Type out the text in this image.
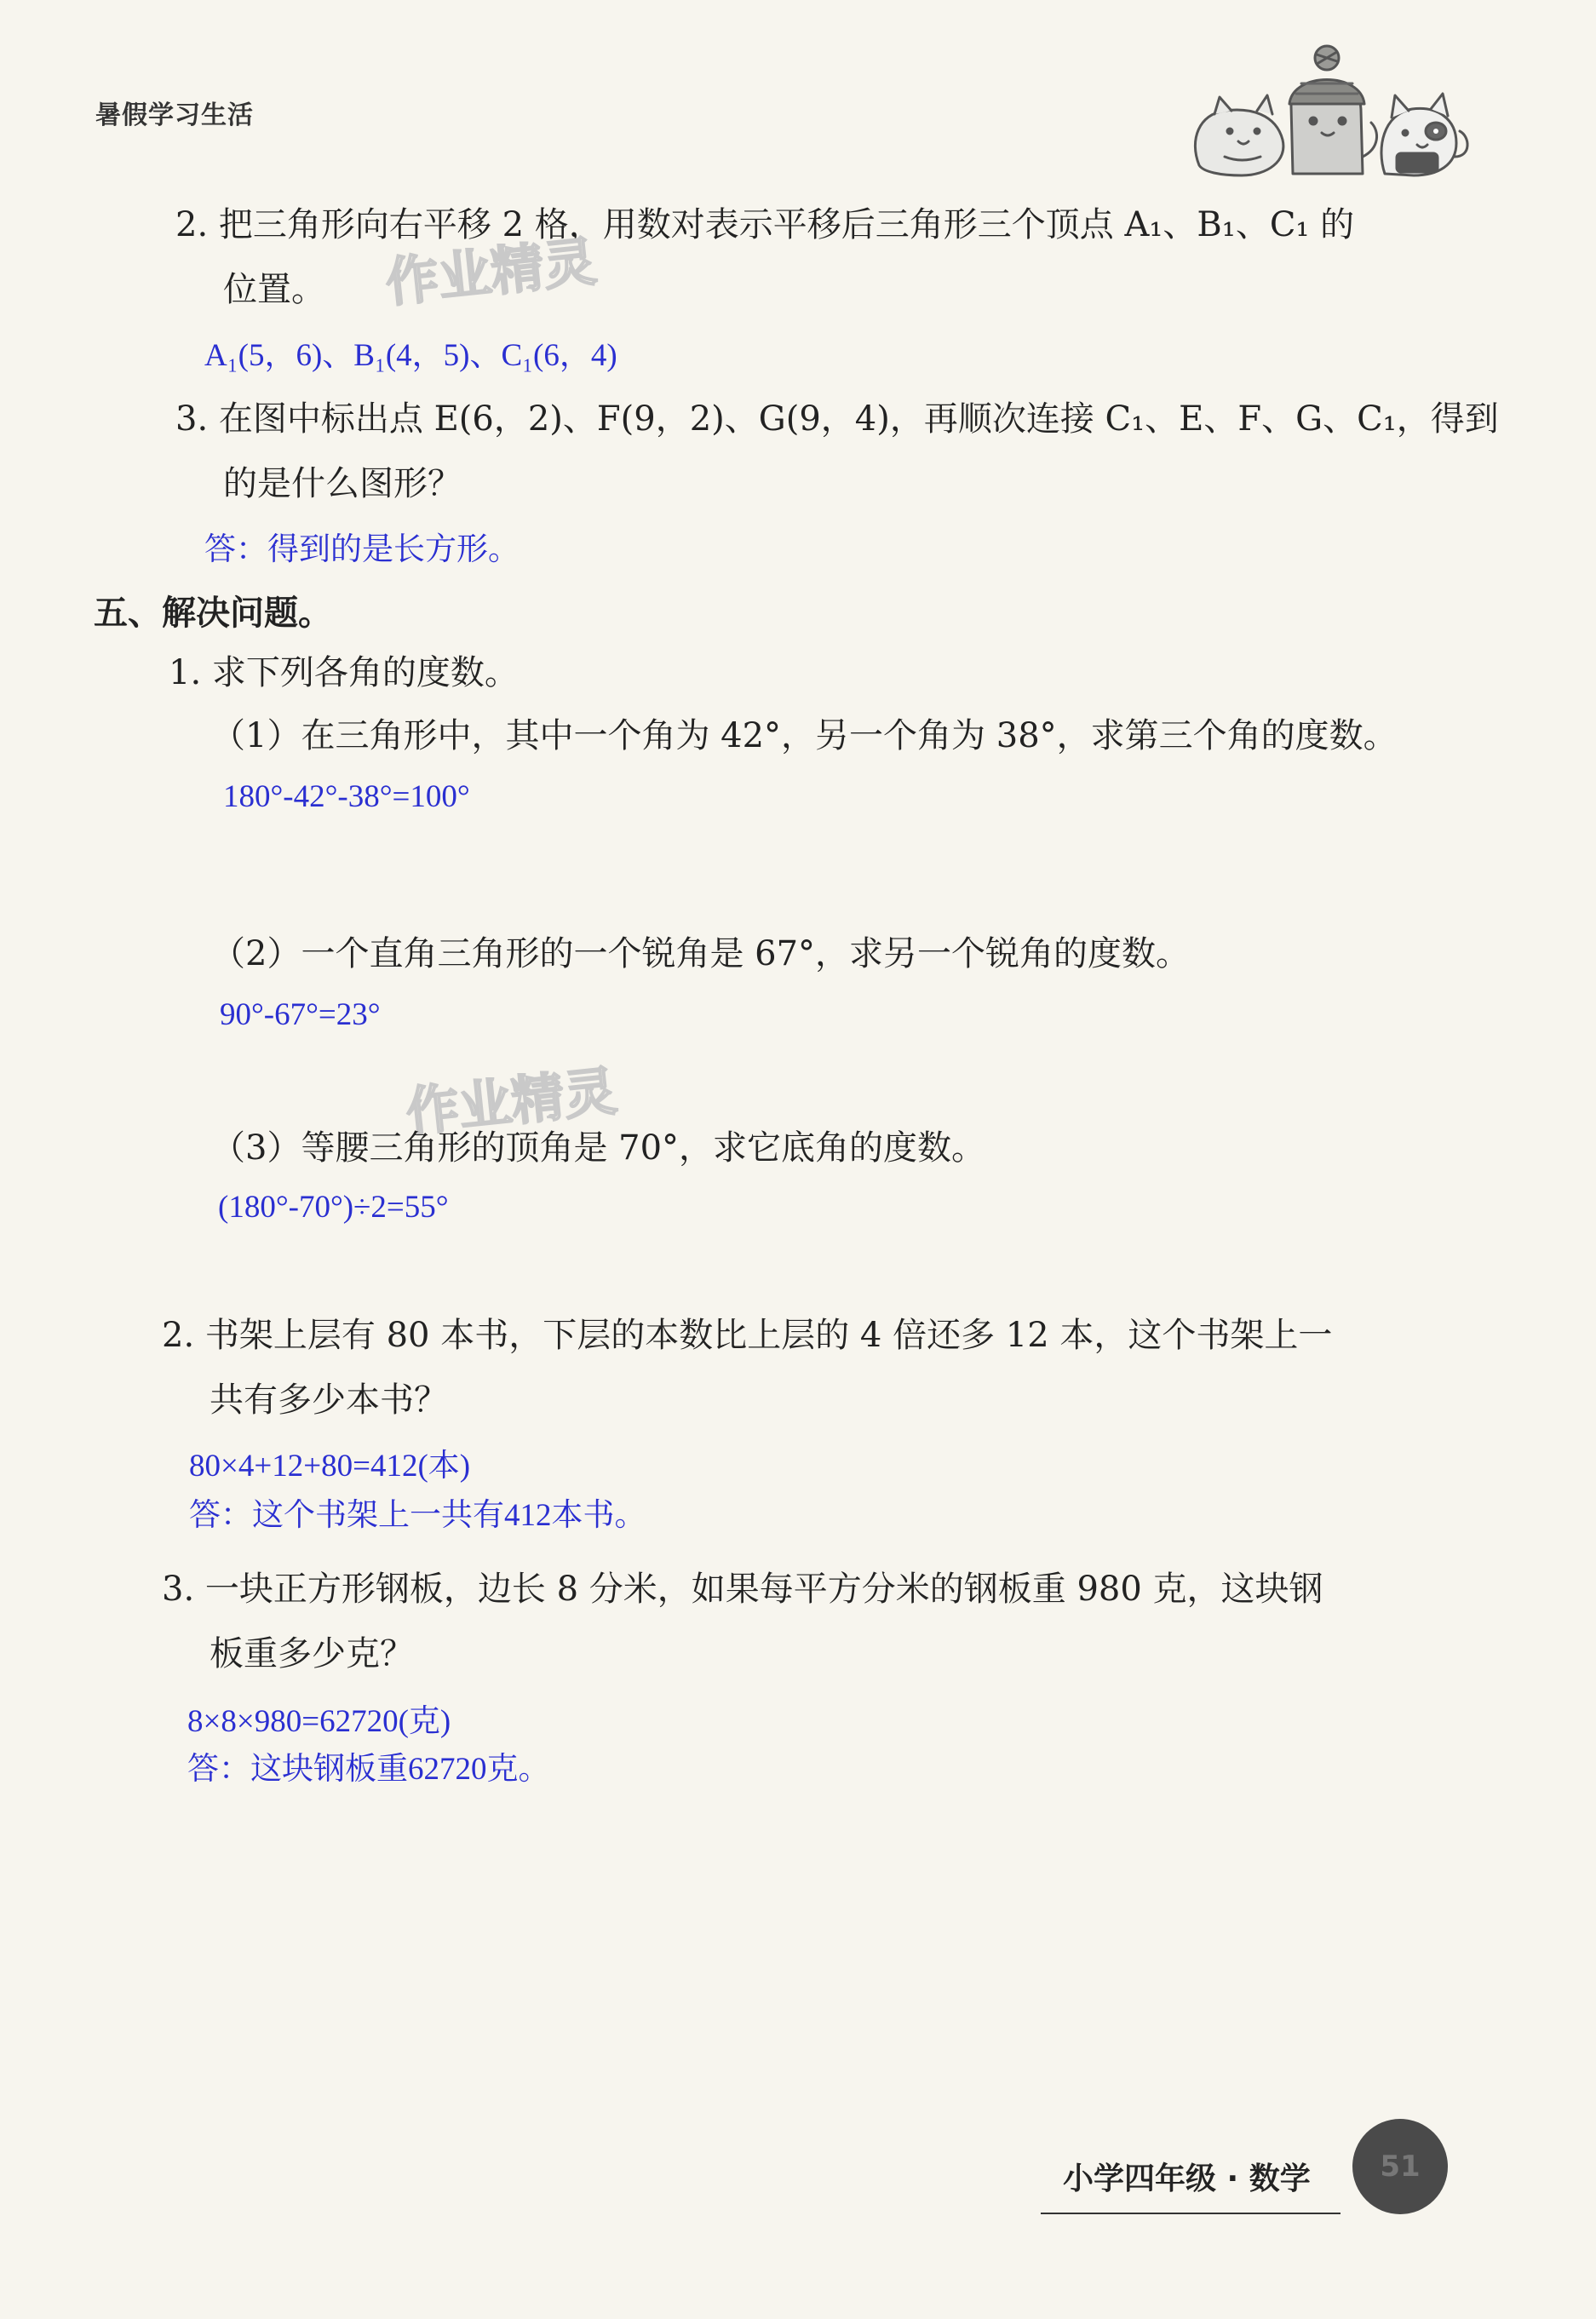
暑假学习生活
2. 把三角形向右平移 2 格，用数对表示平移后三角形三个顶点 A₁、B₁、C₁ 的
位置。
A₁(5，6)、B₁(4，5)、C₁(6，4)
作业精灵
3. 在图中标出点 E(6，2)、F(9，2)、G(9，4)，再顺次连接 C₁、E、F、G、C₁，得到
的是什么图形？
答：得到的是长方形。
五、解决问题。
1. 求下列各角的度数。
（1）在三角形中，其中一个角为 42°，另一个角为 38°，求第三个角的度数。
180°-42°-38°=100°
（2）一个直角三角形的一个锐角是 67°，求另一个锐角的度数。
90°-67°=23°
作业精灵
（3）等腰三角形的顶角是 70°，求它底角的度数。
(180°-70°)÷2=55°
2. 书架上层有 80 本书，下层的本数比上层的 4 倍还多 12 本，这个书架上一
共有多少本书？
80×4+12+80=412(本)
答：这个书架上一共有412本书。
3. 一块正方形钢板，边长 8 分米，如果每平方分米的钢板重 980 克，这块钢
板重多少克？
8×8×980=62720(克)
答：这块钢板重62720克。
小学四年级 · 数学 51
